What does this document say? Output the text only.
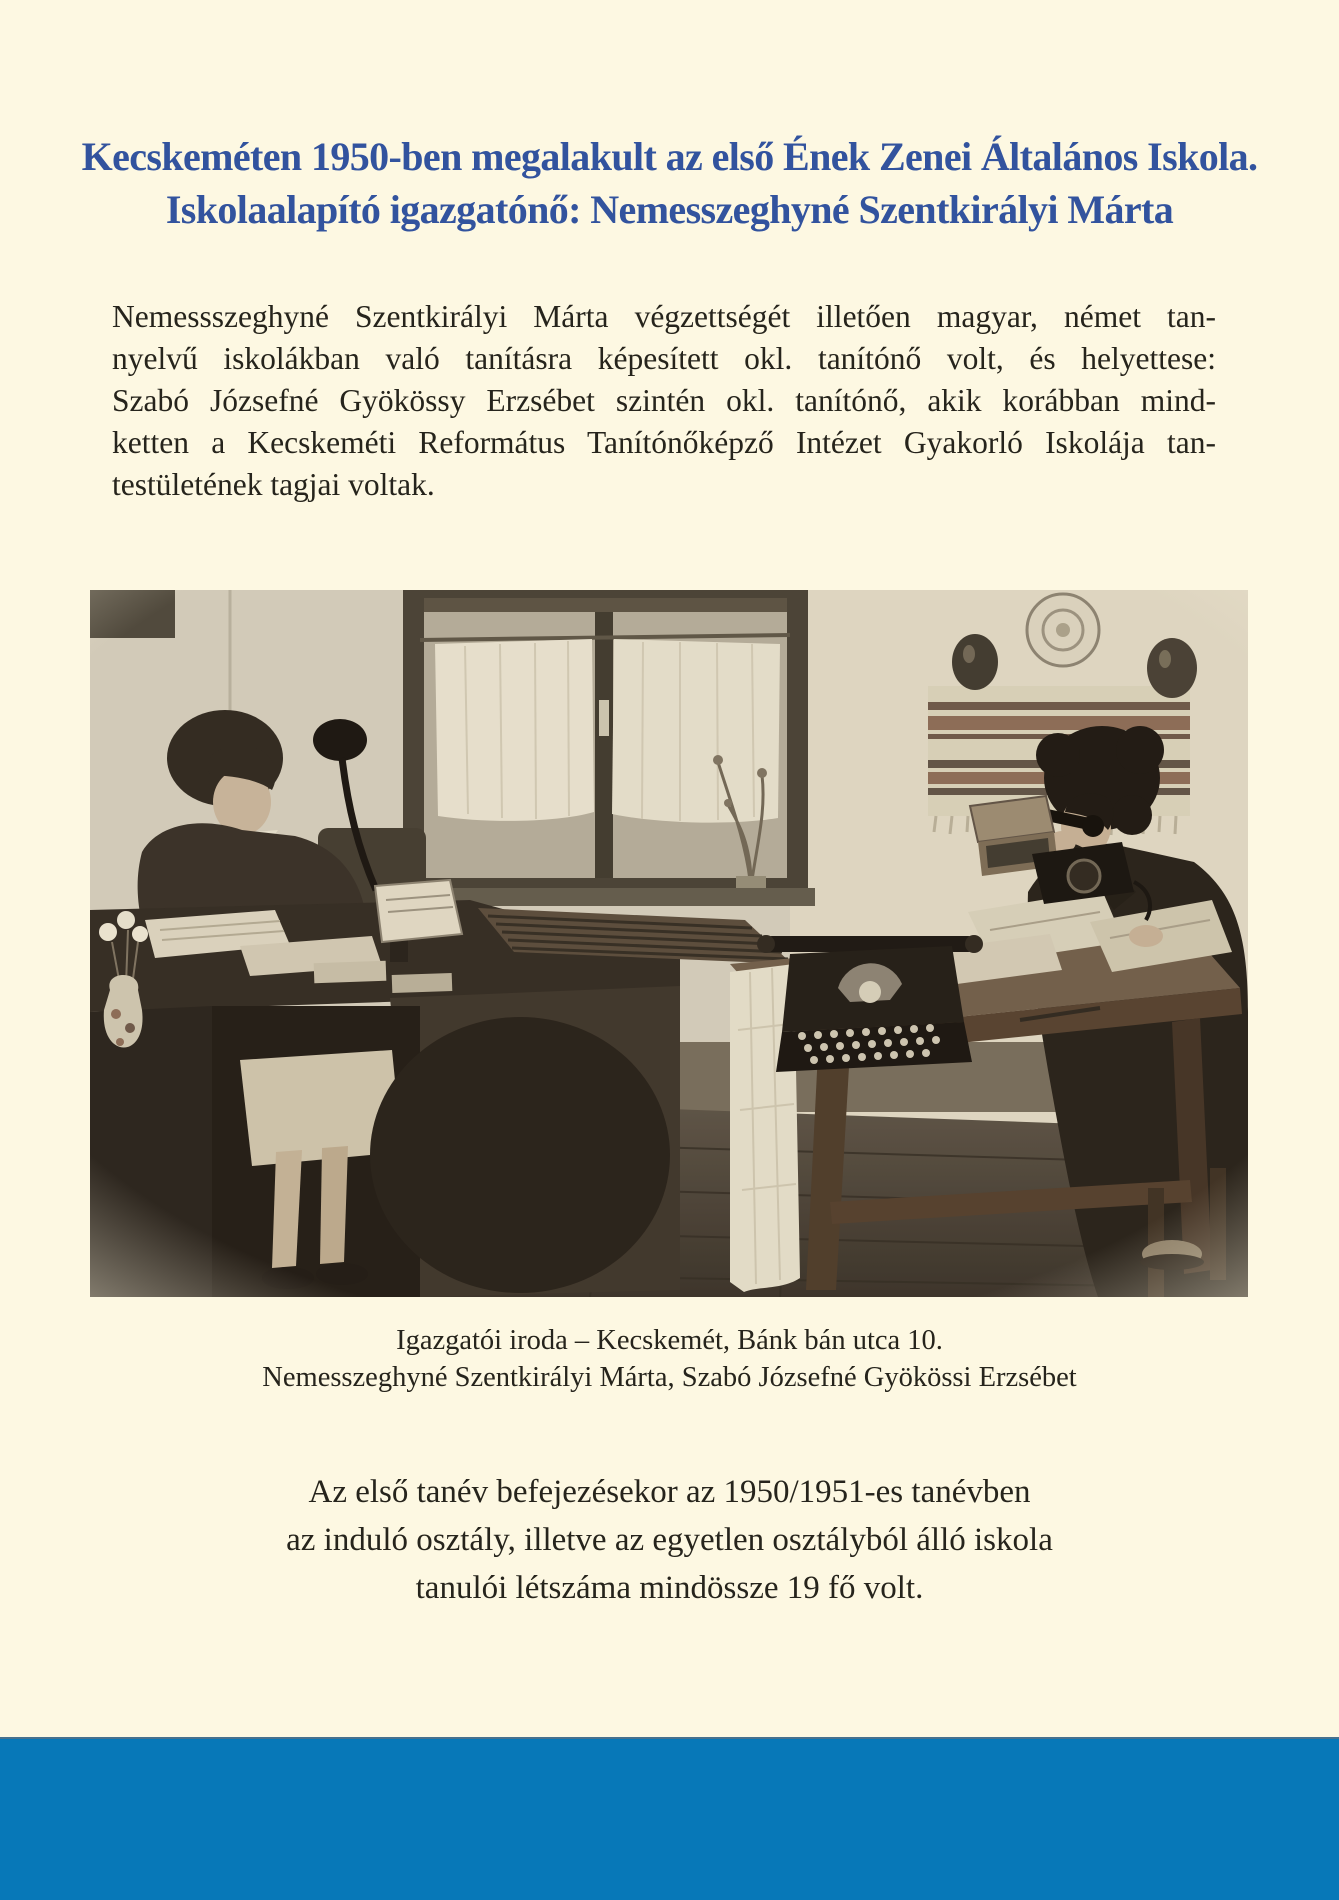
Kecskeméten 1950-ben megalakult az első Ének Zenei Általános Iskola.
Iskolaalapító igazgatónő: Nemesszeghyné Szentkirályi Márta
Nemessszeghyné Szentkirályi Márta végzettségét illetően magyar, német tan-
nyelvű iskolákban való tanításra képesített okl. tanítónő volt, és helyettese:
Szabó Józsefné Gyökössy Erzsébet szintén okl. tanítónő, akik korábban mind-
ketten a Kecskeméti Református Tanítónőképző Intézet Gyakorló Iskolája tan-
testületének tagjai voltak.
Igazgatói iroda – Kecskemét, Bánk bán utca 10.
Nemesszeghyné Szentkirályi Márta, Szabó Józsefné Gyökössi Erzsébet
Az első tanév befejezésekor az 1950/1951-es tanévben
az induló osztály, illetve az egyetlen osztályból álló iskola
tanulói létszáma mindössze 19 fő volt.
